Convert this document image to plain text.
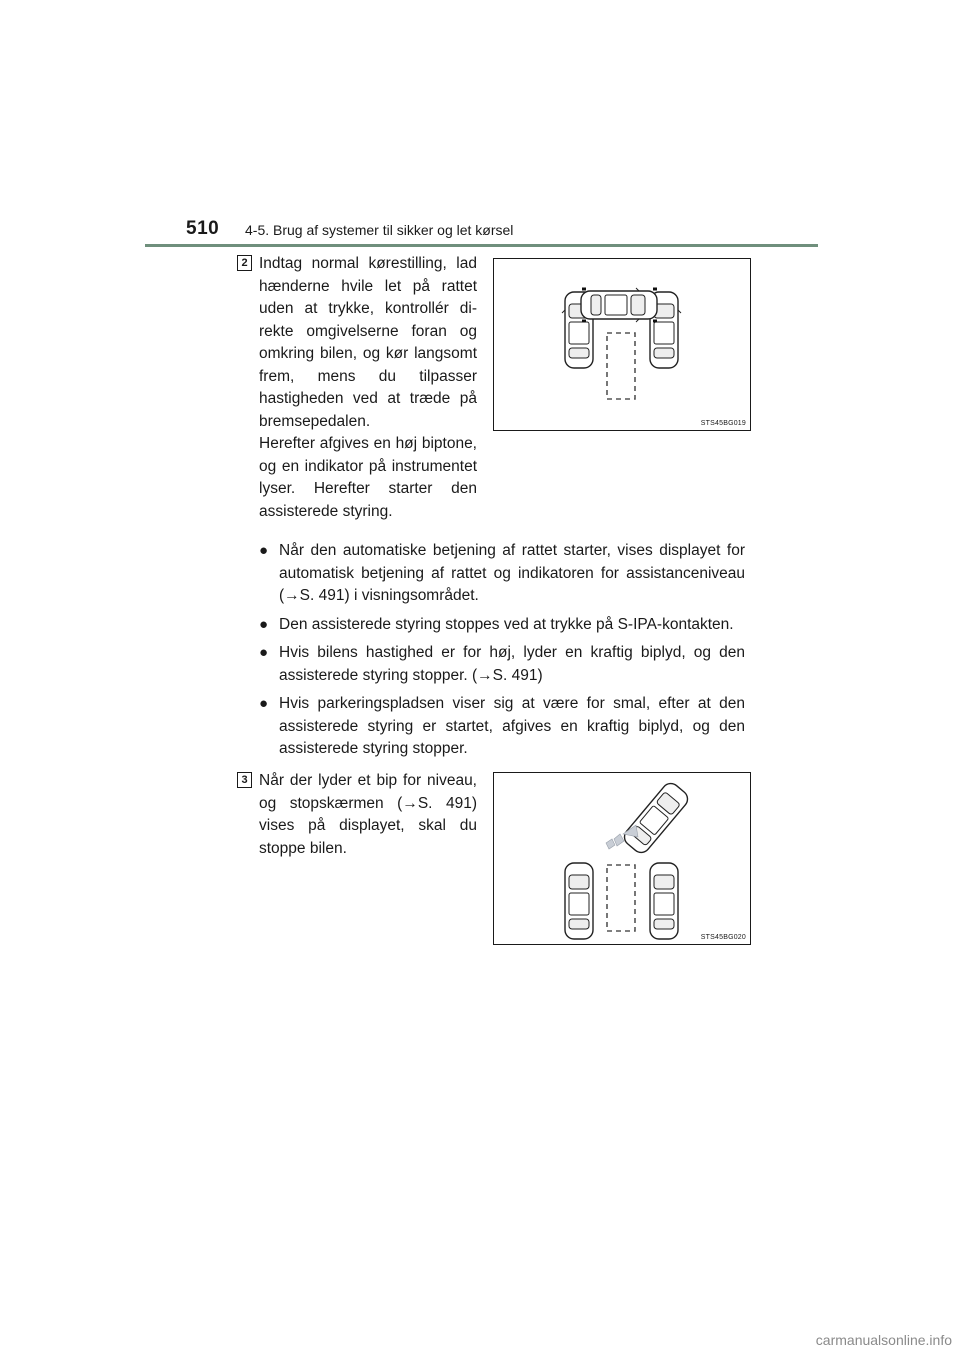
510 4-5. Brug af systemer til sikker og let kørsel
2 Indtag normal kørestilling, lad hænderne hvile let på rattet uden at trykke, kontrollér direkte omgivelserne foran og omkring bilen, og kør langsomt frem, mens du tilpasser hastigheden ved at træde på bremsepedalen.
Herefter afgives en høj biptone, og en indikator på instrumentet lyser. Herefter starter den assisterede styring.
STS45BG019
● Når den automatiske betjening af rattet starter, vises displayet for automatisk betjening af rattet og indikatoren for assistanceniveau (→S. 491) i visningsområdet.
● Den assisterede styring stoppes ved at trykke på S-IPA-kontakten.
● Hvis bilens hastighed er for høj, lyder en kraftig biplyd, og den assisterede styring stopper. (→S. 491)
● Hvis parkeringspladsen viser sig at være for smal, efter at den assisterede styring er startet, afgives en kraftig biplyd, og den assisterede styring stopper.
3 Når der lyder et bip for niveau, og stopskærmen (→S. 491) vises på displayet, skal du stoppe bilen.
STS45BG020
carmanualsonline.info
